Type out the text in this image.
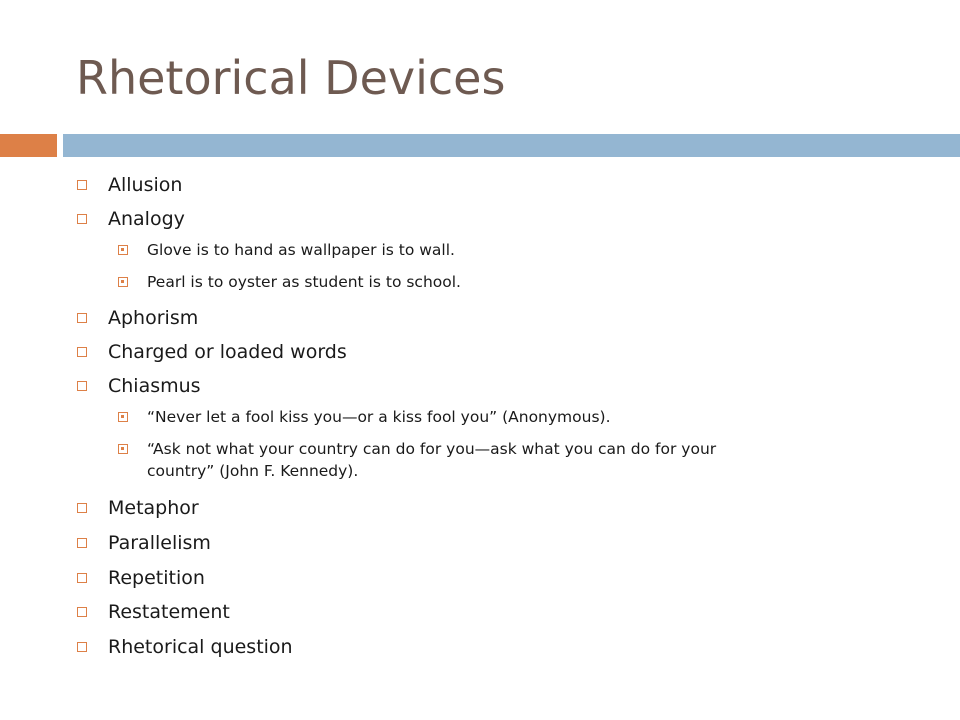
Rhetorical Devices
Allusion
Analogy
Glove is to hand as wallpaper is to wall.
Pearl is to oyster as student is to school.
Aphorism
Charged or loaded words
Chiasmus
“Never let a fool kiss you—or a kiss fool you” (Anonymous).
“Ask not what your country can do for you—ask what you can do for your
country” (John F. Kennedy).
Metaphor
Parallelism
Repetition
Restatement
Rhetorical question
